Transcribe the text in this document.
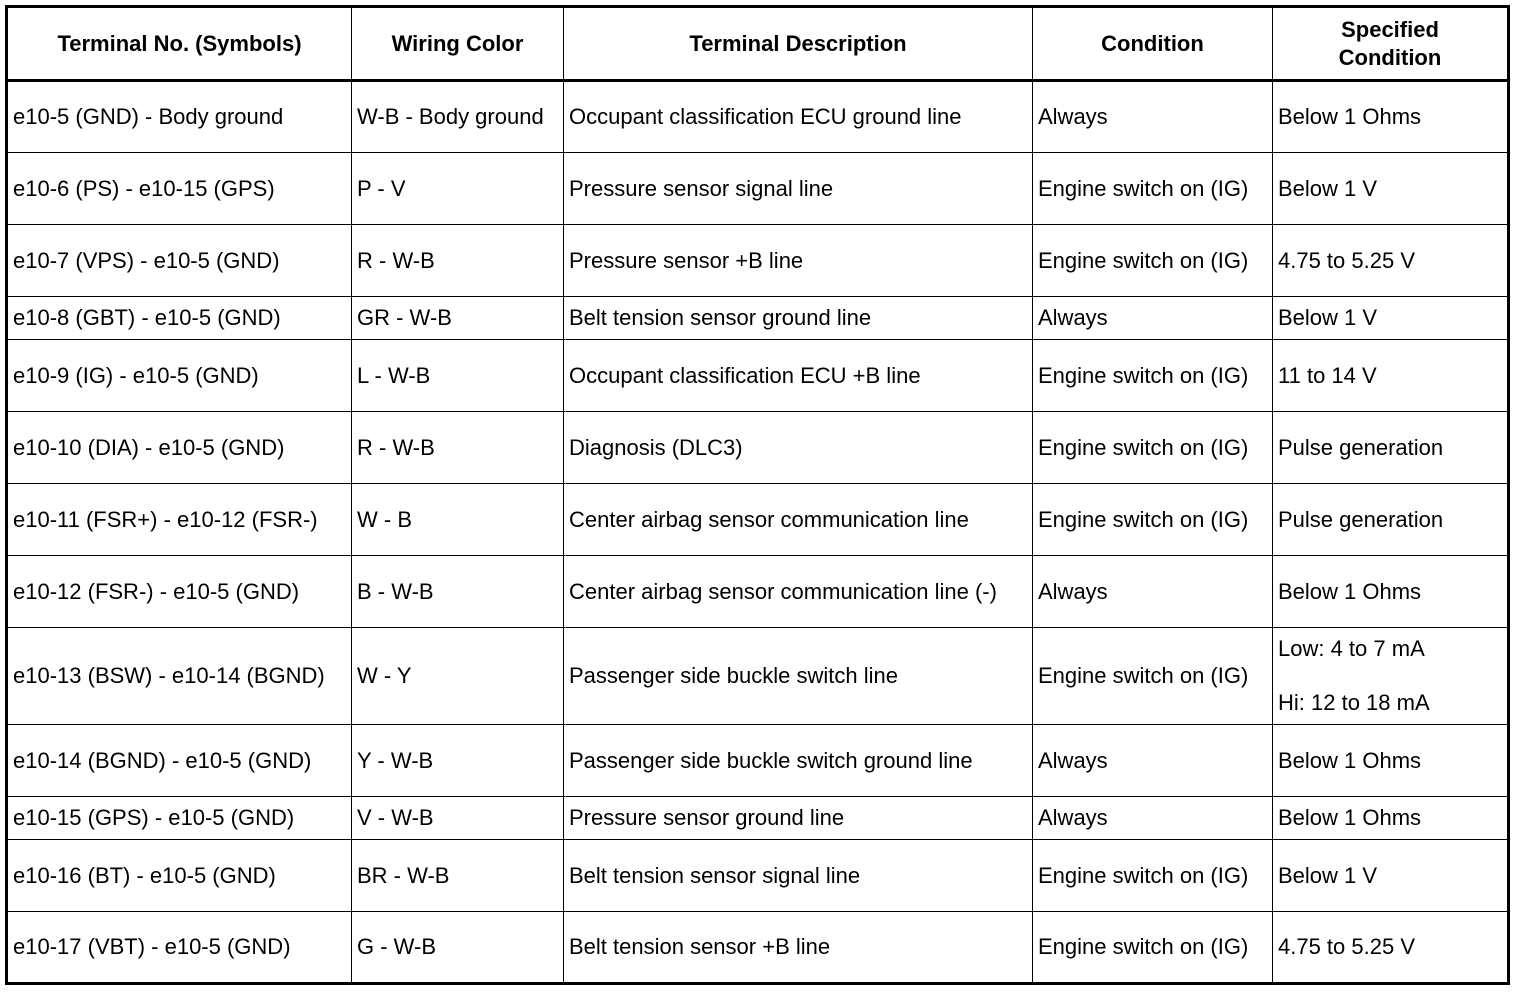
Terminal No. (Symbols)	Wiring Color	Terminal Description	Condition	Specified
Condition

e10-5 (GND) - Body ground	W-B - Body ground	Occupant classification ECU ground line	Always	Below 1 Ohms
e10-6 (PS) - e10-15 (GPS)	P - V	Pressure sensor signal line	Engine switch on (IG)	Below 1 V
e10-7 (VPS) - e10-5 (GND)	R - W-B	Pressure sensor +B line	Engine switch on (IG)	4.75 to 5.25 V
e10-8 (GBT) - e10-5 (GND)	GR - W-B	Belt tension sensor ground line	Always	Below 1 V
e10-9 (IG) - e10-5 (GND)	L - W-B	Occupant classification ECU +B line	Engine switch on (IG)	11 to 14 V
e10-10 (DIA) - e10-5 (GND)	R - W-B	Diagnosis (DLC3)	Engine switch on (IG)	Pulse generation
e10-11 (FSR+) - e10-12 (FSR-)	W - B	Center airbag sensor communication line	Engine switch on (IG)	Pulse generation
e10-12 (FSR-) - e10-5 (GND)	B - W-B	Center airbag sensor communication line (-)	Always	Below 1 Ohms
e10-13 (BSW) - e10-14 (BGND)	W - Y	Passenger side buckle switch line	Engine switch on (IG)	Low: 4 to 7 mA
Hi: 12 to 18 mA

e10-14 (BGND) - e10-5 (GND)	Y - W-B	Passenger side buckle switch ground line	Always	Below 1 Ohms
e10-15 (GPS) - e10-5 (GND)	V - W-B	Pressure sensor ground line	Always	Below 1 Ohms
e10-16 (BT) - e10-5 (GND)	BR - W-B	Belt tension sensor signal line	Engine switch on (IG)	Below 1 V
e10-17 (VBT) - e10-5 (GND)	G - W-B	Belt tension sensor +B line	Engine switch on (IG)	4.75 to 5.25 V
